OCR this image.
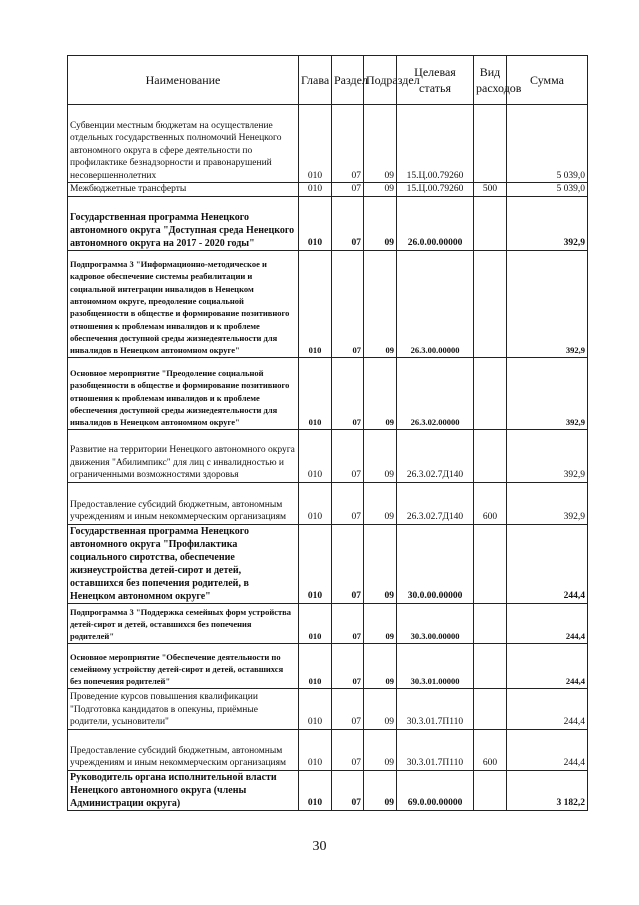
Наименование	Глава	Раздел	Подраздел	Целевая статья	Вид расходов	Сумма
Субвенции местным бюджетам на осуществление отдельных государственных полномочий Ненецкого автономного округа в сфере деятельности по профилактике безнадзорности и правонарушений несовершеннолетних	010	07	09	15.Ц.00.79260		5 039,0
Межбюджетные трансферты	010	07	09	15.Ц.00.79260	500	5 039,0
Государственная программа Ненецкого автономного округа "Доступная среда Ненецкого автономного округа на 2017 - 2020 годы"	010	07	09	26.0.00.00000		392,9
Подпрограмма 3 "Информационно-методическое и кадровое обеспечение системы реабилитации и социальной интеграции инвалидов в Ненецком автономном округе, преодоление социальной разобщенности в обществе и формирование позитивного отношения к проблемам инвалидов и к проблеме обеспечения доступной среды жизнедеятельности для инвалидов в Ненецком автономном округе"	010	07	09	26.3.00.00000		392,9
Основное мероприятие "Преодоление социальной разобщенности в обществе и формирование позитивного отношения к проблемам инвалидов и к проблеме обеспечения доступной среды жизнедеятельности для инвалидов в Ненецком автономном округе"	010	07	09	26.3.02.00000		392,9
Развитие на территории Ненецкого автономного округа движения "Абилимпикс" для лиц с инвалидностью и ограниченными возможностями здоровья	010	07	09	26.3.02.7Д140		392,9
Предоставление субсидий бюджетным, автономным учреждениям и иным некоммерческим организациям	010	07	09	26.3.02.7Д140	600	392,9
Государственная программа Ненецкого автономного округа "Профилактика социального сиротства, обеспечение жизнеустройства детей-сирот и детей, оставшихся без попечения родителей, в Ненецком автономном округе"	010	07	09	30.0.00.00000		244,4
Подпрограмма 3 "Поддержка семейных форм устройства детей-сирот и детей, оставшихся без попечения родителей"	010	07	09	30.3.00.00000		244,4
Основное мероприятие "Обеспечение деятельности по семейному устройству детей-сирот и детей, оставшихся без попечения родителей"	010	07	09	30.3.01.00000		244,4
Проведение курсов повышения квалификации "Подготовка кандидатов в опекуны, приёмные родители, усыновители"	010	07	09	30.3.01.7П110		244,4
Предоставление субсидий бюджетным, автономным учреждениям и иным некоммерческим организациям	010	07	09	30.3.01.7П110	600	244,4
Руководитель органа исполнительной власти Ненецкого автономного округа (члены Администрации округа)	010	07	09	69.0.00.00000		3 182,2
30
